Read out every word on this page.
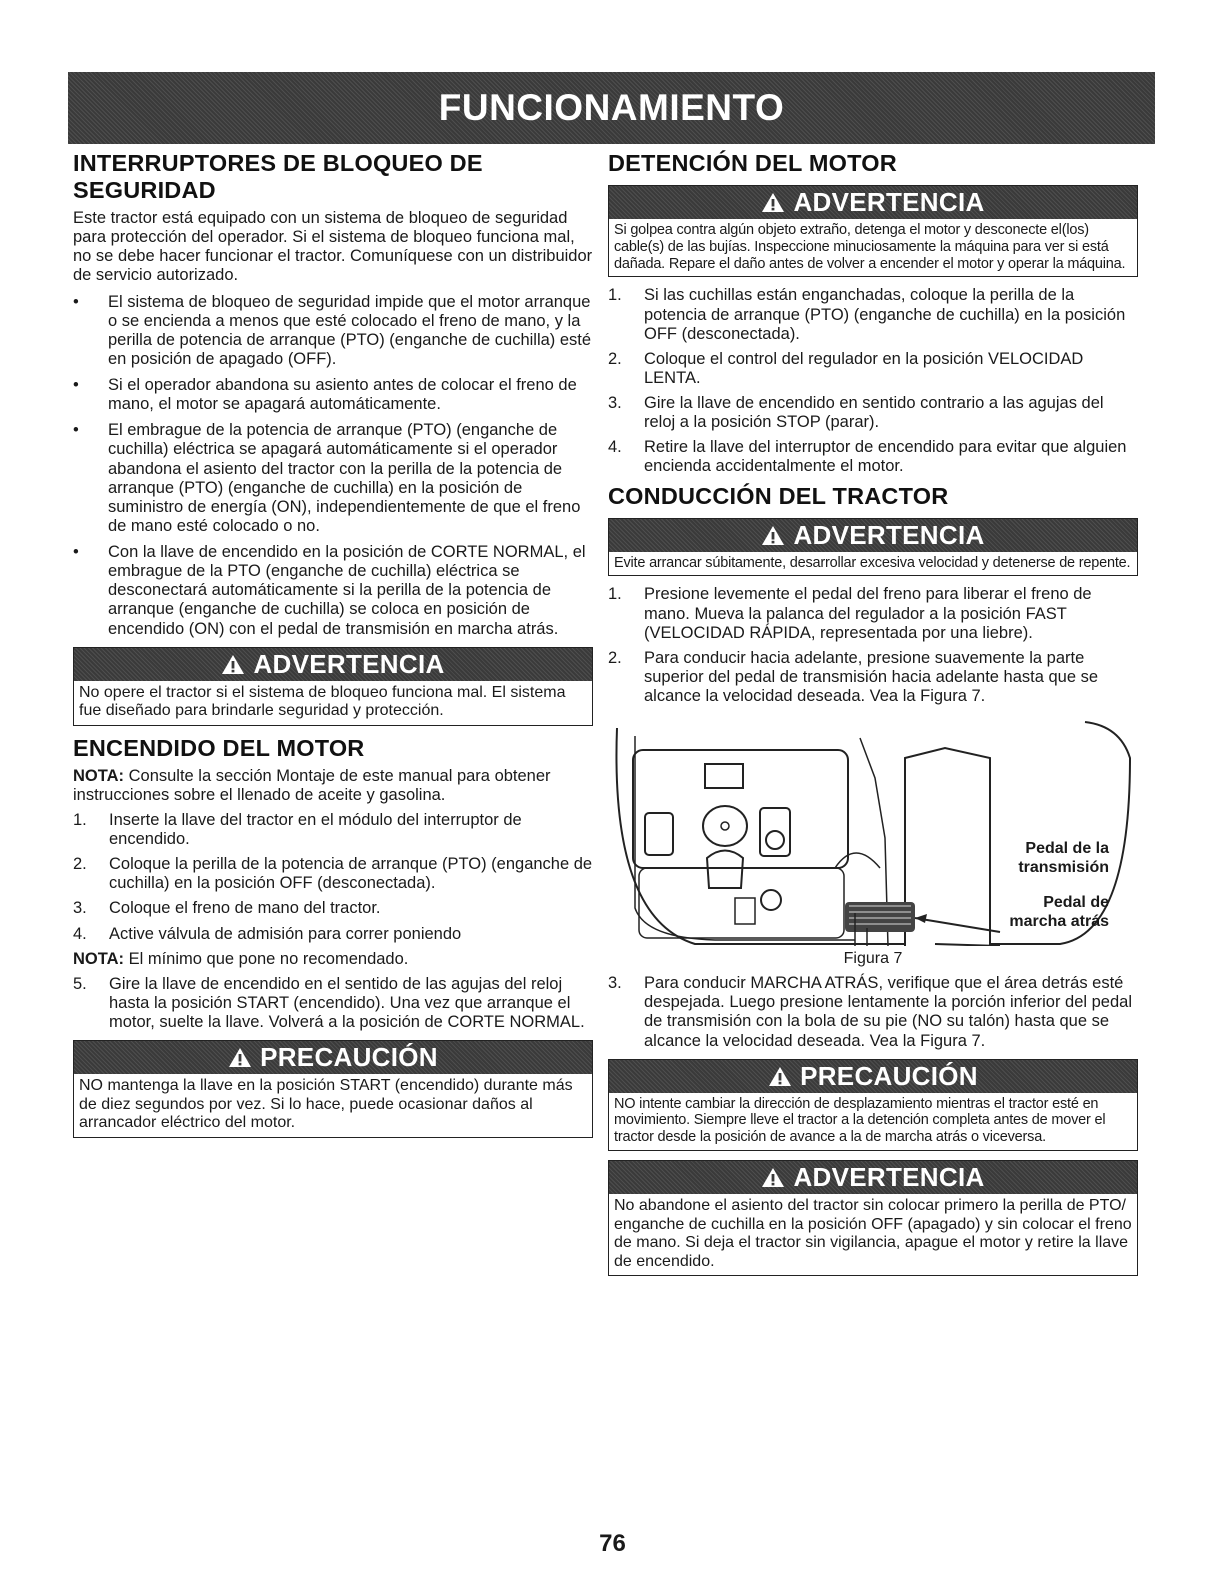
FUNCIONAMIENTO
INTERRUPTORES DE BLOQUEO DE SEGURIDAD

Este tractor está equipado con un sistema de bloqueo de seguridad para protección del operador. Si el sistema de bloqueo funciona mal, no se debe hacer funcionar el tractor. Comuníquese con un distribuidor de servicio autorizado.

• El sistema de bloqueo de seguridad impide que el motor arranque o se encienda a menos que esté colocado el freno de mano, y la perilla de potencia de arranque (PTO) (enganche de cuchilla) esté en posición de apagado (OFF).
• Si el operador abandona su asiento antes de colocar el freno de mano, el motor se apagará automáticamente.
• El embrague de la potencia de arranque (PTO) (enganche de cuchilla) eléctrica se apagará automáticamente si el operador abandona el asiento del tractor con la perilla de la potencia de arranque (PTO) (enganche de cuchilla) en la posición de suministro de energía (ON), independientemente de que el freno de mano esté colocado o no.
• Con la llave de encendido en la posición de CORTE NORMAL, el embrague de la PTO (enganche de cuchilla) eléctrica se desconectará automáticamente si la perilla de la potencia de arranque (enganche de cuchilla) se coloca en posición de encendido (ON) con el pedal de transmisión en marcha atrás.
ADVERTENCIA
No opere el tractor si el sistema de bloqueo funciona mal. El sistema fue diseñado para brindarle seguridad y protección.
ENCENDIDO DEL MOTOR

NOTA: Consulte la sección Montaje de este manual para obtener instrucciones sobre el llenado de aceite y gasolina.

1. Inserte la llave del tractor en el módulo del interruptor de encendido.
2. Coloque la perilla de la potencia de arranque (PTO) (enganche de cuchilla) en la posición OFF (desconectada).
3. Coloque el freno de mano del tractor.
4. Active válvula de admisión para correr poniendo

NOTA: El mínimo que pone no recomendado.

5. Gire la llave de encendido en el sentido de las agujas del reloj hasta la posición START (encendido). Una vez que arranque el motor, suelte la llave. Volverá a la posición de CORTE NORMAL.
PRECAUCIÓN
NO mantenga la llave en la posición START (encendido) durante más de diez segundos por vez. Si lo hace, puede ocasionar daños al arrancador eléctrico del motor.
DETENCIÓN DEL MOTOR
ADVERTENCIA
Si golpea contra algún objeto extraño, detenga el motor y desconecte el(los) cable(s) de las bujías. Inspeccione minuciosamente la máquina para ver si está dañada. Repare el daño antes de volver a encender el motor y operar la máquina.
1. Si las cuchillas están enganchadas, coloque la perilla de la potencia de arranque (PTO) (enganche de cuchilla) en la posición OFF (desconectada).
2. Coloque el control del regulador en la posición VELOCIDAD LENTA.
3. Gire la llave de encendido en sentido contrario a las agujas del reloj a la posición STOP (parar).
4. Retire la llave del interruptor de encendido para evitar que alguien encienda accidentalmente el motor.
CONDUCCIÓN DEL TRACTOR
ADVERTENCIA
Evite arrancar súbitamente, desarrollar excesiva velocidad y detenerse de repente.
1. Presione levemente el pedal del freno para liberar el freno de mano. Mueva la palanca del regulador a la posición FAST (VELOCIDAD RÁPIDA, representada por una liebre).
2. Para conducir hacia adelante, presione suavemente la parte superior del pedal de transmisión hacia adelante hasta que se alcance la velocidad deseada. Vea la Figura 7.
Pedal de la
transmisión
Pedal de
marcha atrás
Figura 7
3. Para conducir MARCHA ATRÁS, verifique que el área detrás esté despejada. Luego presione lentamente la porción inferior del pedal de transmisión con la bola de su pie (NO su talón) hasta que se alcance la velocidad deseada. Vea la Figura 7.
PRECAUCIÓN
NO intente cambiar la dirección de desplazamiento mientras el tractor esté en movimiento. Siempre lleve el tractor a la detención completa antes de mover el tractor desde la posición de avance a la de marcha atrás o viceversa.
ADVERTENCIA
No abandone el asiento del tractor sin colocar primero la perilla de PTO/ enganche de cuchilla en la posición OFF (apagado) y sin colocar el freno de mano. Si deja el tractor sin vigilancia, apague el motor y retire la llave de encendido.
76
